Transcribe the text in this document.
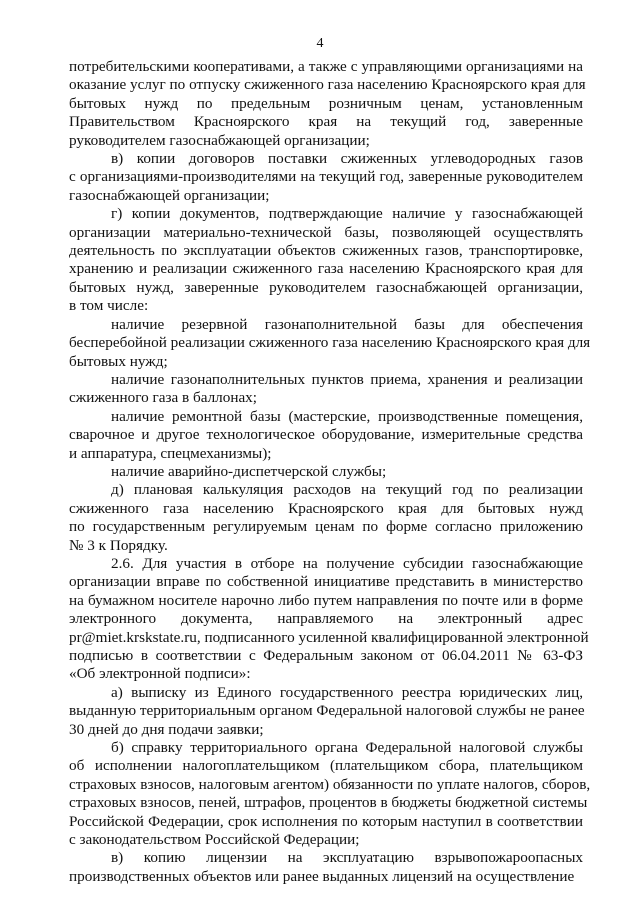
4
потребительскими кооперативами, а также с управляющими организациями на
оказание услуг по отпуску сжиженного газа населению Красноярского края для
бытовых нужд по предельным розничным ценам, установленным
Правительством Красноярского края на текущий год, заверенные
руководителем газоснабжающей организации;
в) копии договоров поставки сжиженных углеводородных газов
с организациями-производителями на текущий год, заверенные руководителем
газоснабжающей организации;
г) копии документов, подтверждающие наличие у газоснабжающей
организации материально-технической базы, позволяющей осуществлять
деятельность по эксплуатации объектов сжиженных газов, транспортировке,
хранению и реализации сжиженного газа населению Красноярского края для
бытовых нужд, заверенные руководителем газоснабжающей организации,
в том числе:
наличие резервной газонаполнительной базы для обеспечения
бесперебойной реализации сжиженного газа населению Красноярского края для
бытовых нужд;
наличие газонаполнительных пунктов приема, хранения и реализации
сжиженного газа в баллонах;
наличие ремонтной базы (мастерские, производственные помещения,
сварочное и другое технологическое оборудование, измерительные средства
и аппаратура, спецмеханизмы);
наличие аварийно-диспетчерской службы;
д) плановая калькуляция расходов на текущий год по реализации
сжиженного газа населению Красноярского края для бытовых нужд
по государственным регулируемым ценам по форме согласно приложению
№ 3 к Порядку.
2.6. Для участия в отборе на получение субсидии газоснабжающие
организации вправе по собственной инициативе представить в министерство
на бумажном носителе нарочно либо путем направления по почте или в форме
электронного документа, направляемого на электронный адрес
pr@miet.krskstate.ru, подписанного усиленной квалифицированной электронной
подписью в соответствии с Федеральным законом от 06.04.2011 № 63-ФЗ
«Об электронной подписи»:
а) выписку из Единого государственного реестра юридических лиц,
выданную территориальным органом Федеральной налоговой службы не ранее
30 дней до дня подачи заявки;
б) справку территориального органа Федеральной налоговой службы
об исполнении налогоплательщиком (плательщиком сбора, плательщиком
страховых взносов, налоговым агентом) обязанности по уплате налогов, сборов,
страховых взносов, пеней, штрафов, процентов в бюджеты бюджетной системы
Российской Федерации, срок исполнения по которым наступил в соответствии
с законодательством Российской Федерации;
в) копию лицензии на эксплуатацию взрывопожароопасных
производственных объектов или ранее выданных лицензий на осуществление
